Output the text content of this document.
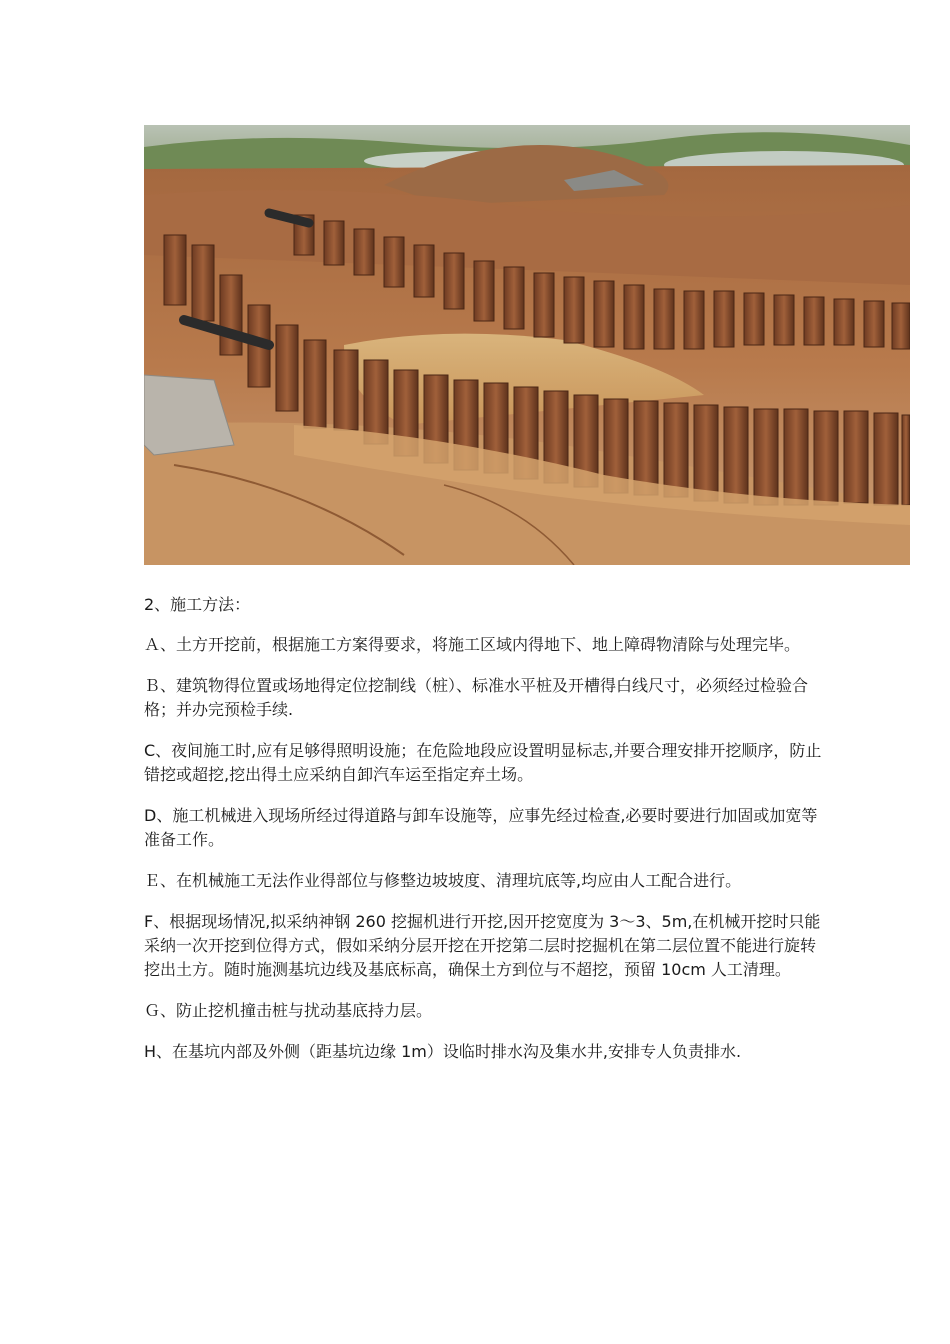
2、施工方法：

Ａ、土方开挖前，根据施工方案得要求，将施工区域内得地下、地上障碍物清除与处理完毕。

Ｂ、建筑物得位置或场地得定位挖制线（桩）、标准水平桩及开槽得白线尺寸，必须经过检验合格；并办完预检手续.

C、夜间施工时,应有足够得照明设施；在危险地段应设置明显标志,并要合理安排开挖顺序，防止错挖或超挖,挖出得土应采纳自卸汽车运至指定弃土场。

D、施工机械进入现场所经过得道路与卸车设施等，应事先经过检查,必要时要进行加固或加宽等准备工作。

Ｅ、在机械施工无法作业得部位与修整边坡坡度、清理坑底等,均应由人工配合进行。

F、根据现场情况,拟采纳神钢 260 挖掘机进行开挖,因开挖宽度为 3～3、5m,在机械开挖时只能采纳一次开挖到位得方式，假如采纳分层开挖在开挖第二层时挖掘机在第二层位置不能进行旋转挖出土方。随时施测基坑边线及基底标高，确保土方到位与不超挖，预留 10cm 人工清理。

Ｇ、防止挖机撞击桩与扰动基底持力层。

H、在基坑内部及外侧（距基坑边缘 1m）设临时排水沟及集水井,安排专人负责排水.
